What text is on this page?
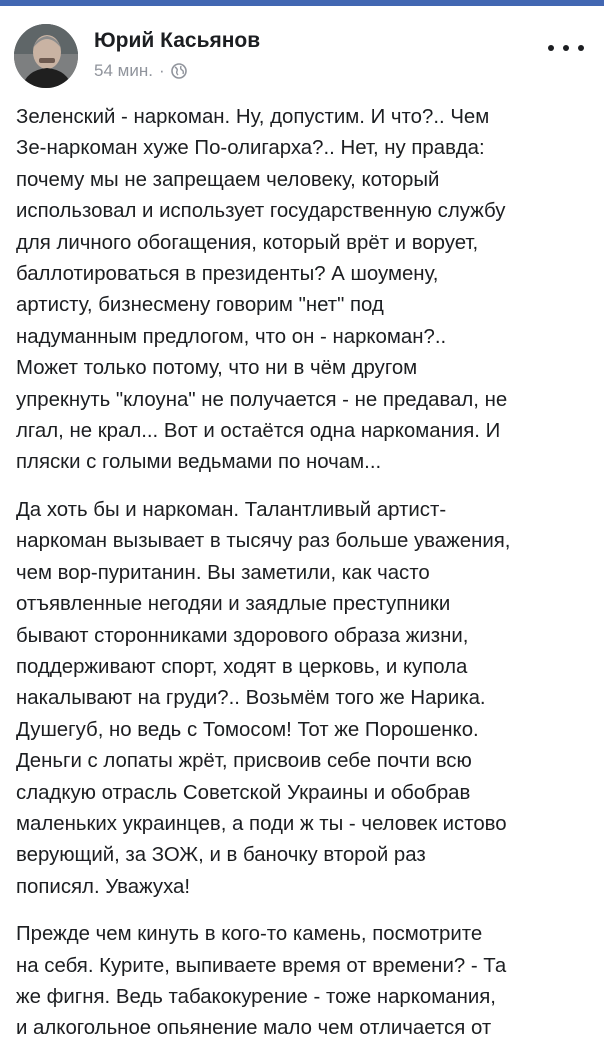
Юрий Касьянов
54 мин. ·

Зеленский - наркоман. Ну, допустим. И что?.. Чем
Зе-наркоман хуже По-олигарха?.. Нет, ну правда:
почему мы не запрещаем человеку, который
использовал и использует государственную службу
для личного обогащения, который врёт и ворует,
баллотироваться в президенты? А шоумену,
артисту, бизнесмену говорим "нет" под
надуманным предлогом, что он - наркоман?..
Может только потому, что ни в чём другом
упрекнуть "клоуна" не получается - не предавал, не
лгал, не крал... Вот и остаётся одна наркомания. И
пляски с голыми ведьмами по ночам...

Да хоть бы и наркоман. Талантливый артист-
наркоман вызывает в тысячу раз больше уважения,
чем вор-пуританин. Вы заметили, как часто
отъявленные негодяи и заядлые преступники
бывают сторонниками здорового образа жизни,
поддерживают спорт, ходят в церковь, и купола
накалывают на груди?.. Возьмём того же Нарика.
Душегуб, но ведь с Томосом! Тот же Порошенко.
Деньги с лопаты жрёт, присвоив себе почти всю
сладкую отрасль Советской Украины и обобрав
маленьких украинцев, а поди ж ты - человек истово
верующий, за ЗОЖ, и в баночку второй раз
пописял. Уважуха!

Прежде чем кинуть в кого-то камень, посмотрите
на себя. Курите, выпиваете время от времени? - Та
же фигня. Ведь табакокурение - тоже наркомания,
и алкогольное опьянение мало чем отличается от
